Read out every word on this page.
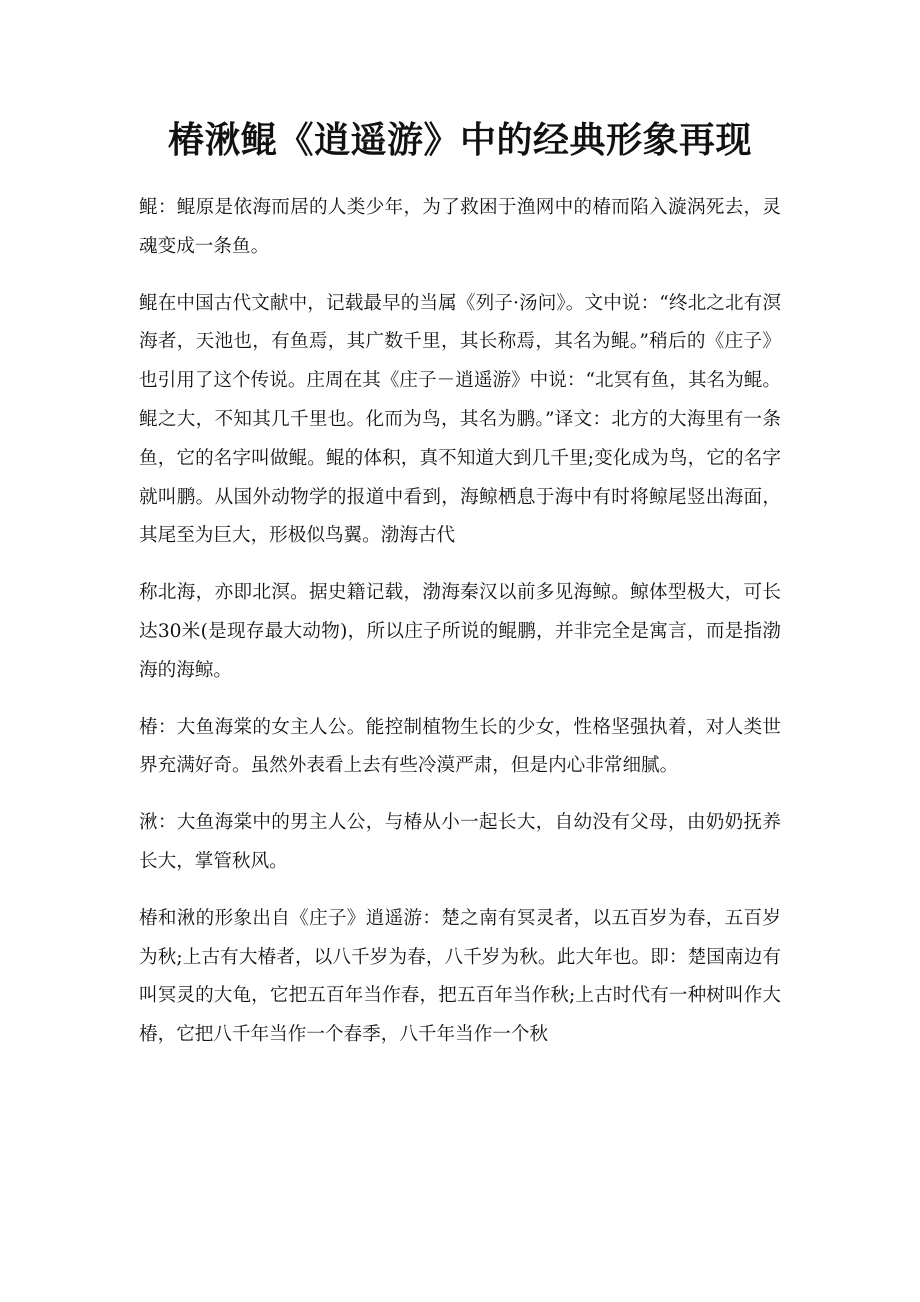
椿湫鲲《逍遥游》中的经典形象再现

鲲：鲲原是依海而居的人类少年，为了救困于渔网中的椿而陷入漩涡死去，灵魂变成一条鱼。

鲲在中国古代文献中，记载最早的当属《列子·汤问》。文中说：“终北之北有溟海者，天池也，有鱼焉，其广数千里，其长称焉，其名为鲲。”稍后的《庄子》也引用了这个传说。庄周在其《庄子－逍遥游》中说：“北冥有鱼，其名为鲲。鲲之大，不知其几千里也。化而为鸟，其名为鹏。”译文：北方的大海里有一条鱼，它的名字叫做鲲。鲲的体积，真不知道大到几千里;变化成为鸟，它的名字就叫鹏。从国外动物学的报道中看到，海鲸栖息于海中有时将鲸尾竖出海面，其尾至为巨大，形极似鸟翼。渤海古代

称北海，亦即北溟。据史籍记载，渤海秦汉以前多见海鲸。鲸体型极大，可长达30米(是现存最大动物)，所以庄子所说的鲲鹏，并非完全是寓言，而是指渤海的海鲸。

椿：大鱼海棠的女主人公。能控制植物生长的少女，性格坚强执着，对人类世界充满好奇。虽然外表看上去有些冷漠严肃，但是内心非常细腻。

湫：大鱼海棠中的男主人公，与椿从小一起长大，自幼没有父母，由奶奶抚养长大，掌管秋风。

椿和湫的形象出自《庄子》逍遥游：楚之南有冥灵者，以五百岁为春，五百岁为秋;上古有大椿者，以八千岁为春，八千岁为秋。此大年也。即：楚国南边有叫冥灵的大龟，它把五百年当作春，把五百年当作秋;上古时代有一种树叫作大椿，它把八千年当作一个春季，八千年当作一个秋
